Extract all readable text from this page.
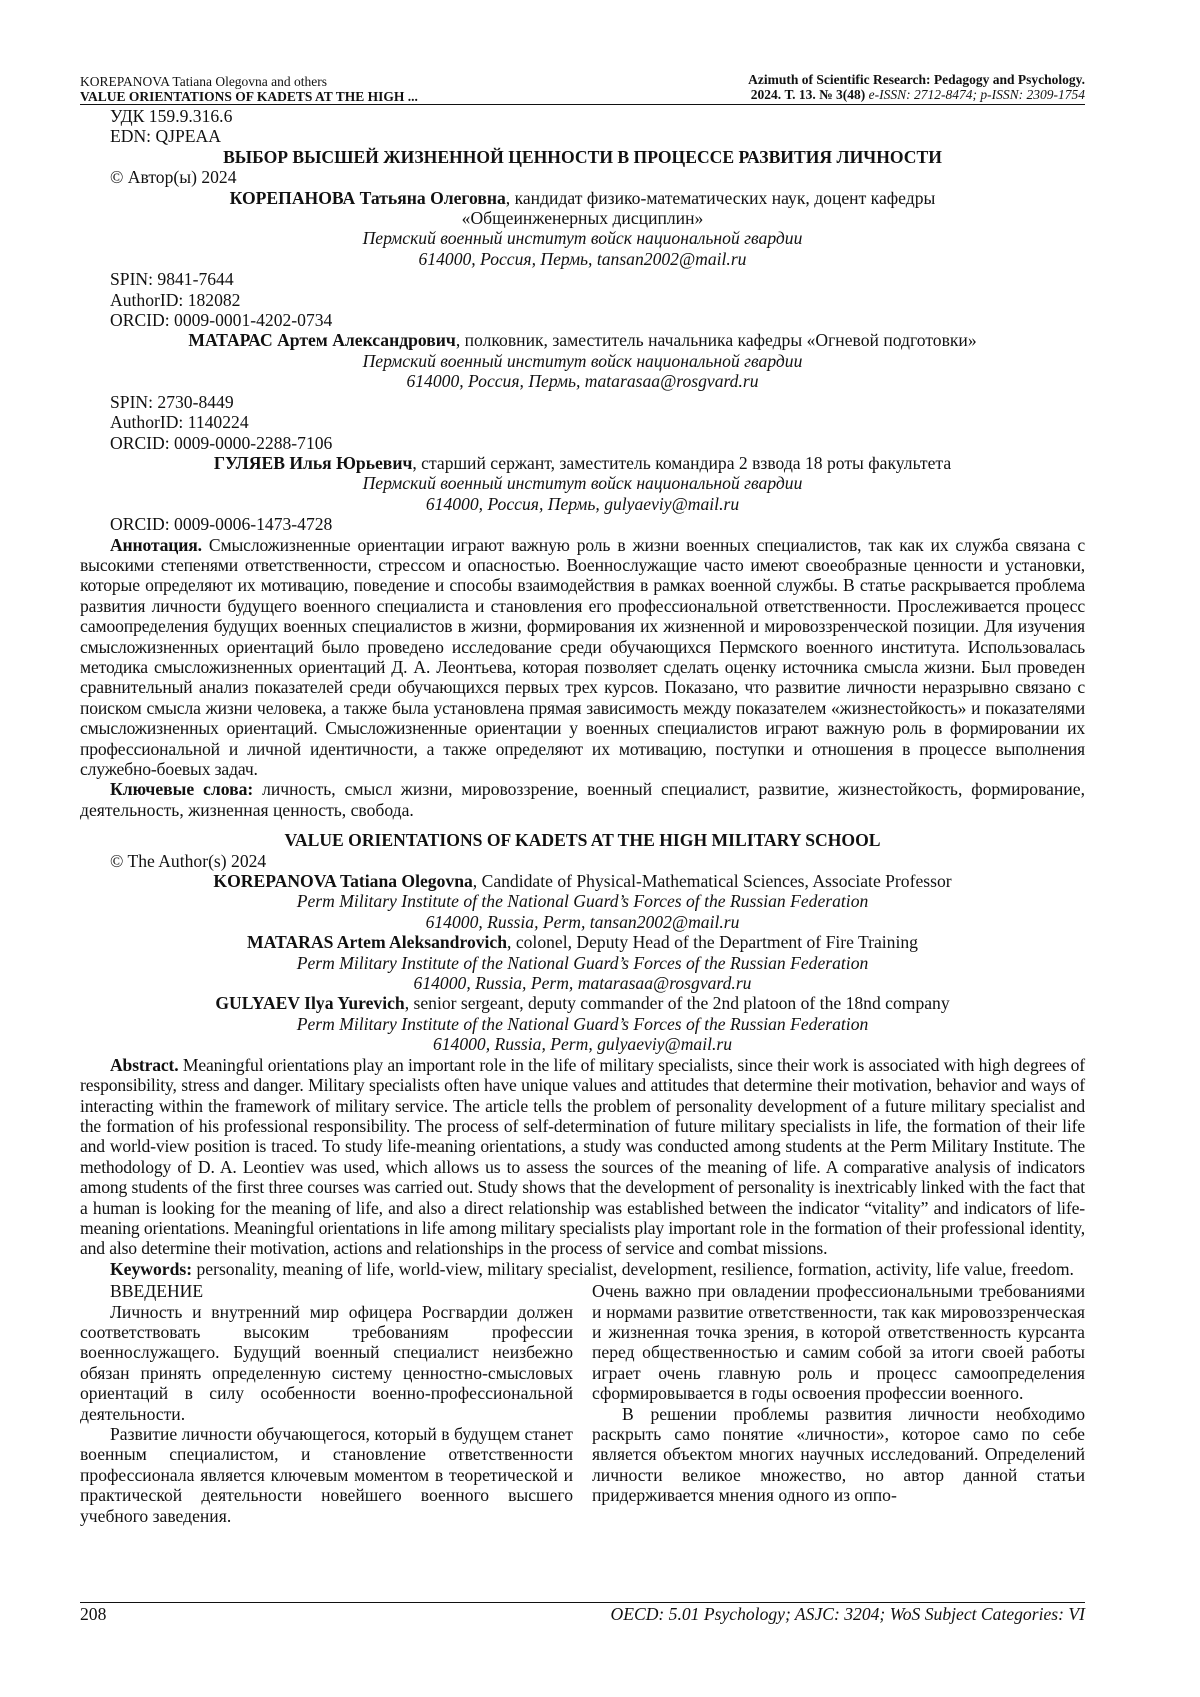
KOREPANOVA Tatiana Olegovna and others
VALUE ORIENTATIONS OF KADETS AT THE HIGH ...
Azimuth of Scientific Research: Pedagogy and Psychology.
2024. Т. 13. № 3(48) e-ISSN: 2712-8474; p-ISSN: 2309-1754
УДК 159.9.316.6
EDN: QJPEAA
ВЫБОР ВЫСШЕЙ ЖИЗНЕННОЙ ЦЕННОСТИ В ПРОЦЕССЕ РАЗВИТИЯ ЛИЧНОСТИ
© Автор(ы) 2024
КОРЕПАНОВА Татьяна Олеговна, кандидат физико-математических наук, доцент кафедры
«Общеинженерных дисциплин»
Пермский военный институт войск национальной гвардии
614000, Россия, Пермь, tansan2002@mail.ru
SPIN: 9841-7644
AuthorID: 182082
ORCID: 0009-0001-4202-0734
МАТАРАС Артем Александрович, полковник, заместитель начальника кафедры «Огневой подготовки»
Пермский военный институт войск национальной гвардии
614000, Россия, Пермь, matarasaa@rosgvard.ru
SPIN: 2730-8449
AuthorID: 1140224
ORCID: 0009-0000-2288-7106
ГУЛЯЕВ Илья Юрьевич, старший сержант, заместитель командира 2 взвода 18 роты факультета
Пермский военный институт войск национальной гвардии
614000, Россия, Пермь, gulyaeviy@mail.ru
ORCID: 0009-0006-1473-4728
Аннотация. Смысложизненные ориентации играют важную роль в жизни военных специалистов, так как их служба связана с высокими степенями ответственности, стрессом и опасностью. Военнослужащие часто имеют своеобразные ценности и установки, которые определяют их мотивацию, поведение и способы взаимодействия в рамках военной службы. В статье раскрывается проблема развития личности будущего военного специалиста и становления его профессиональной ответственности. Прослеживается процесс самоопределения будущих военных специалистов в жизни, формирования их жизненной и мировоззренческой позиции. Для изучения смысложизненных ориентаций было проведено исследование среди обучающихся Пермского военного института. Использовалась методика смысложизненных ориентаций Д. А. Леонтьева, которая позволяет сделать оценку источника смысла жизни. Был проведен сравнительный анализ показателей среди обучающихся первых трех курсов. Показано, что развитие личности неразрывно связано с поиском смысла жизни человека, а также была установлена прямая зависимость между показателем «жизнестойкость» и показателями смысложизненных ориентаций. Смысложизненные ориентации у военных специалистов играют важную роль в формировании их профессиональной и личной идентичности, а также определяют их мотивацию, поступки и отношения в процессе выполнения служебно-боевых задач.
Ключевые слова: личность, смысл жизни, мировоззрение, военный специалист, развитие, жизнестойкость, формирование, деятельность, жизненная ценность, свобода.
VALUE ORIENTATIONS OF KADETS AT THE HIGH MILITARY SCHOOL
© The Author(s) 2024
KOREPANOVA Tatiana Olegovna, Candidate of Physical-Mathematical Sciences, Associate Professor
Perm Military Institute of the National Guard’s Forces of the Russian Federation
614000, Russia, Perm, tansan2002@mail.ru
MATARAS Artem Aleksandrovich, colonel, Deputy Head of the Department of Fire Training
Perm Military Institute of the National Guard’s Forces of the Russian Federation
614000, Russia, Perm, matarasaa@rosgvard.ru
GULYAEV Ilya Yurevich, senior sergeant, deputy commander of the 2nd platoon of the 18nd company
Perm Military Institute of the National Guard’s Forces of the Russian Federation
614000, Russia, Perm, gulyaeviy@mail.ru
Abstract. Meaningful orientations play an important role in the life of military specialists, since their work is associated with high degrees of responsibility, stress and danger. Military specialists often have unique values and attitudes that determine their motivation, behavior and ways of interacting within the framework of military service. The article tells the problem of personality development of a future military specialist and the formation of his professional responsibility. The process of self-determination of future military specialists in life, the formation of their life and world-view position is traced. To study life-meaning orientations, a study was conducted among students at the Perm Military Institute. The methodology of D. A. Leontiev was used, which allows us to assess the sources of the meaning of life. A comparative analysis of indicators among students of the first three courses was carried out. Study shows that the development of personality is inextricably linked with the fact that a human is looking for the meaning of life, and also a direct relationship was established between the indicator “vitality” and indicators of life-meaning orientations. Meaningful orientations in life among military specialists play important role in the formation of their professional identity, and also determine their motivation, actions and relationships in the process of service and combat missions.
Keywords: personality, meaning of life, world-view, military specialist, development, resilience, formation, activity, life value, freedom.

ВВЕДЕНИЕ

Личность и внутренний мир офицера Росгвардии должен соответствовать высоким требованиям профессии военнослужащего. Будущий военный специалист неизбежно обязан принять определенную систему ценностно-смысловых ориентаций в силу особенности военно-профессиональной деятельности.

Развитие личности обучающегося, который в будущем станет военным специалистом, и становление ответственности профессионала является ключевым моментом в теоретической и практической деятельности новейшего военного высшего учебного заведения.

Очень важно при овладении профессиональными требованиями и нормами развитие ответственности, так как мировоззренческая и жизненная точка зрения, в которой ответственность курсанта перед общественностью и самим собой за итоги своей работы играет очень главную роль и процесс самоопределения сформировывается в годы освоения профессии военного.

В решении проблемы развития личности необходимо раскрыть само понятие «личности», которое само по себе является объектом многих научных исследований. Определений личности великое множество, но автор данной статьи придерживается мнения одного из оппо-

208	OECD: 5.01 Psychology; ASJC: 3204; WoS Subject Categories: VI
